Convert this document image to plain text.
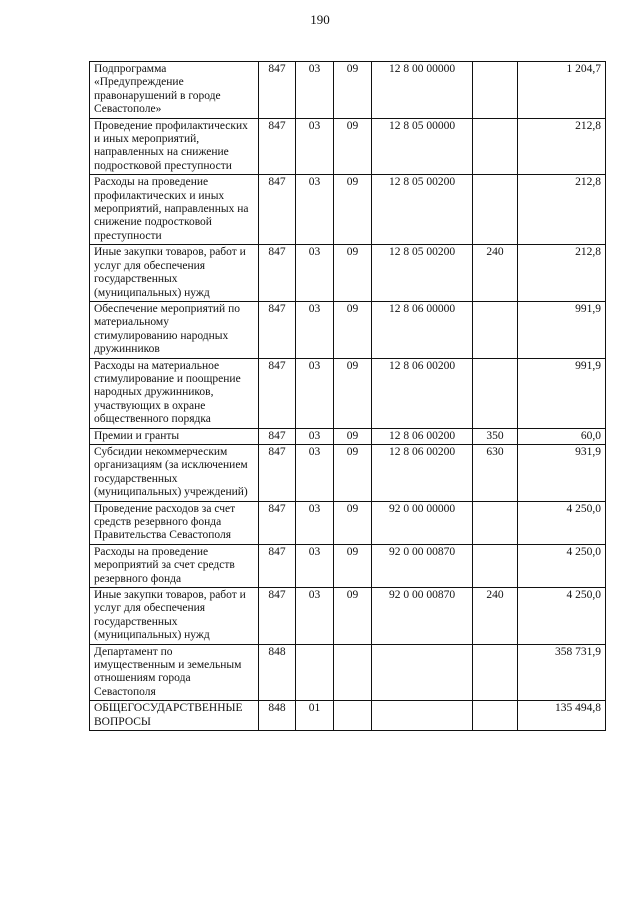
190
Подпрограмма «Предупреждение правонарушений в городе Севастополе»	847	03	09	12 8 00 00000		1 204,7
Проведение профилактических и иных мероприятий, направленных на снижение подростковой преступности	847	03	09	12 8 05 00000		212,8
Расходы на проведение профилактических и иных мероприятий, направленных на снижение подростковой преступности	847	03	09	12 8 05 00200		212,8
Иные закупки товаров, работ и услуг для обеспечения государственных (муниципальных) нужд	847	03	09	12 8 05 00200	240	212,8
Обеспечение мероприятий по материальному стимулированию народных дружинников	847	03	09	12 8 06 00000		991,9
Расходы на материальное стимулирование и поощрение народных дружинников, участвующих в охране общественного порядка	847	03	09	12 8 06 00200		991,9
Премии и гранты	847	03	09	12 8 06 00200	350	60,0
Субсидии некоммерческим организациям (за исключением государственных (муниципальных) учреждений)	847	03	09	12 8 06 00200	630	931,9
Проведение расходов за счет средств резервного фонда Правительства Севастополя	847	03	09	92 0 00 00000		4 250,0
Расходы на проведение мероприятий за счет средств резервного фонда	847	03	09	92 0 00 00870		4 250,0
Иные закупки товаров, работ и услуг для обеспечения государственных (муниципальных) нужд	847	03	09	92 0 00 00870	240	4 250,0
Департамент по имущественным и земельным отношениям города Севастополя	848					358 731,9
ОБЩЕГОСУДАРСТВЕННЫЕ ВОПРОСЫ	848	01				135 494,8
